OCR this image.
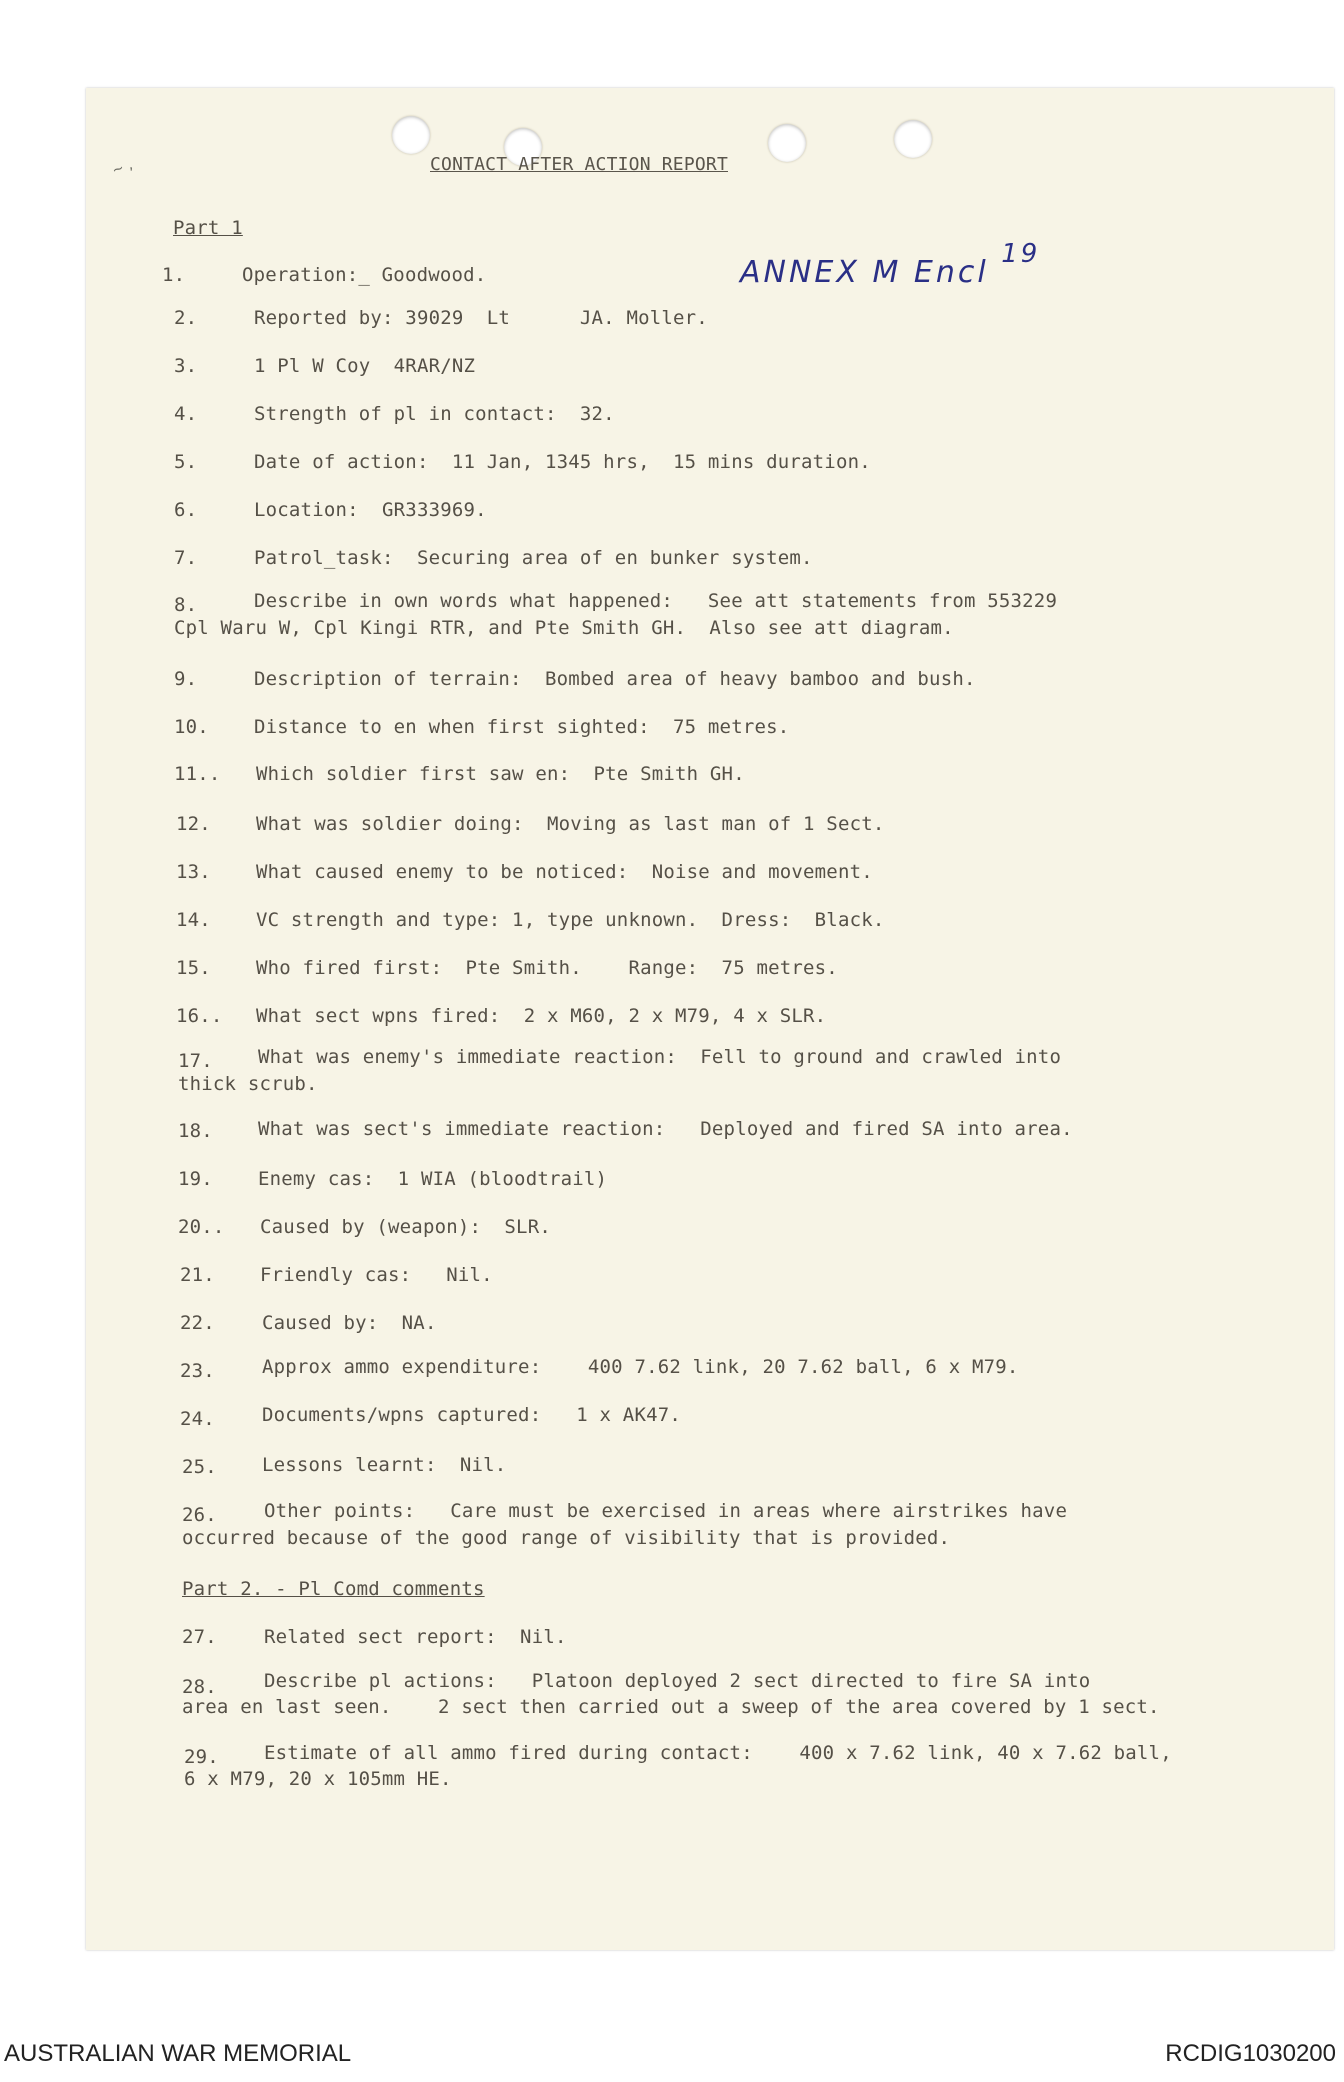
~ ,	CONTACT AFTER ACTION REPORT
Part 1
ANNEX M Encl 19
1.	Operation:_ Goodwood.
2.	Reported by: 39029  Lt      JA. Moller.
3.	1 Pl W Coy  4RAR/NZ
4.	Strength of pl in contact:  32.
5.	Date of action:  11 Jan, 1345 hrs,  15 mins duration.
6.	Location:  GR333969.
7.	Patrol_task:  Securing area of en bunker system.
8.	Describe in own words what happened:   See att statements from 553229
Cpl Waru W, Cpl Kingi RTR, and Pte Smith GH.  Also see att diagram.
9.	Description of terrain:  Bombed area of heavy bamboo and bush.
10. Distance to en when first sighted:  75 metres.
11.. Which soldier first saw en:  Pte Smith GH.
12. What was soldier doing:  Moving as last man of 1 Sect.
13. What caused enemy to be noticed:  Noise and movement.
14. VC strength and type: 1, type unknown.  Dress:  Black.
15. Who fired first:  Pte Smith.    Range:  75 metres.
16.. What sect wpns fired:  2 x M60, 2 x M79, 4 x SLR.
17. What was enemy's immediate reaction:  Fell to ground and crawled into
thick scrub.
18. What was sect's immediate reaction:   Deployed and fired SA into area.
19. Enemy cas:  1 WIA (bloodtrail)
20.. Caused by (weapon):  SLR.
21. Friendly cas:   Nil.
22. Caused by:  NA.
23. Approx ammo expenditure:    400 7.62 link, 20 7.62 ball, 6 x M79.
24. Documents/wpns captured:   1 x AK47.
25. Lessons learnt:  Nil.
26. Other points:   Care must be exercised in areas where airstrikes have
occurred because of the good range of visibility that is provided.
Part 2. - Pl Comd comments
27. Related sect report:  Nil.
28. Describe pl actions:   Platoon deployed 2 sect directed to fire SA into
area en last seen.    2 sect then carried out a sweep of the area covered by 1 sect.
29. Estimate of all ammo fired during contact:    400 x 7.62 link, 40 x 7.62 ball,
6 x M79, 20 x 105mm HE.
AUSTRALIAN WAR MEMORIAL	RCDIG1030200
